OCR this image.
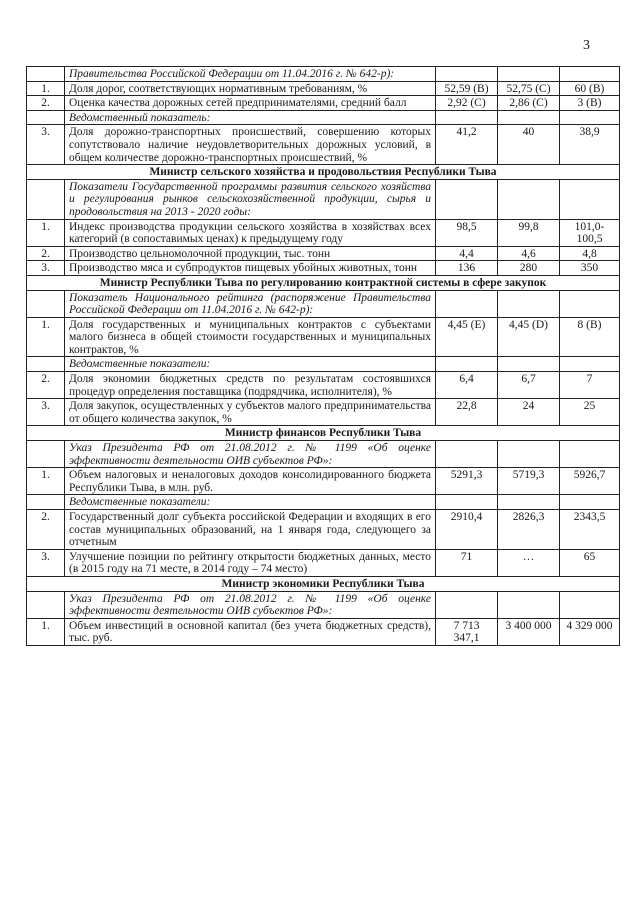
3
	Правительства Российской Федерации от 11.04.2016 г. № 642-р):			
1.	Доля дорог, соответствующих нормативным требованиям, %	52,59 (B)	52,75 (C)	60 (B)
2.	Оценка качества дорожных сетей предпринимателями, средний балл	2,92 (C)	2,86 (C)	3 (B)
	Ведомственный показатель:			
3.	Доля дорожно-транспортных происшествий, совершению которых сопутствовало наличие неудовлетворительных дорожных условий, в общем количестве дорожно-транспортных происшествий, %	41,2	40	38,9
Министр сельского хозяйства и продовольствия Республики Тыва				
	Показатели Государственной программы развития сельского хозяйства и регулирования рынков сельскохозяйственной продукции, сырья и продовольствия на 2013 - 2020 годы:			
1.	Индекс производства продукции сельского хозяйства в хозяйствах всех категорий (в сопоставимых ценах) к предыдущему году	98,5	99,8	101,0-100,5
2.	Производство цельномолочной продукции, тыс. тонн	4,4	4,6	4,8
3.	Производство мяса и субпродуктов пищевых убойных животных, тонн	136	280	350
Министр Республики Тыва по регулированию контрактной системы в сфере закупок				
	Показатель Национального рейтинга (распоряжение Правительства Российской Федерации от 11.04.2016 г. № 642-р):			
1.	Доля государственных и муниципальных контрактов с субъектами малого бизнеса в общей стоимости государственных и муниципальных контрактов, %	4,45 (E)	4,45 (D)	8 (B)
	Ведомственные показатели:			
2.	Доля экономии бюджетных средств по результатам состоявшихся процедур определения поставщика (подрядчика, исполнителя), %	6,4	6,7	7
3.	Доля закупок, осуществленных у субъектов малого предпринимательства от общего количества закупок, %	22,8	24	25
Министр финансов Республики Тыва				
	Указ Президента РФ от 21.08.2012 г. № 1199 «Об оценке эффективности деятельности ОИВ субъектов РФ»:			
1.	Объем налоговых и неналоговых доходов консолидированного бюджета Республики Тыва, в млн. руб.	5291,3	5719,3	5926,7
	Ведомственные показатели:			
2.	Государственный долг субъекта российской Федерации и входящих в его состав муниципальных образований, на 1 января года, следующего за отчетным	2910,4	2826,3	2343,5
3.	Улучшение позиции по рейтингу открытости бюджетных данных, место (в 2015 году на 71 месте, в 2014 году – 74 место)	71	…	65
Министр экономики Республики Тыва				
	Указ Президента РФ от 21.08.2012 г. № 1199 «Об оценке эффективности деятельности ОИВ субъектов РФ»:			
1.	Объем инвестиций в основной капитал (без учета бюджетных средств), тыс. руб.	7 713 347,1	3 400 000	4 329 000
